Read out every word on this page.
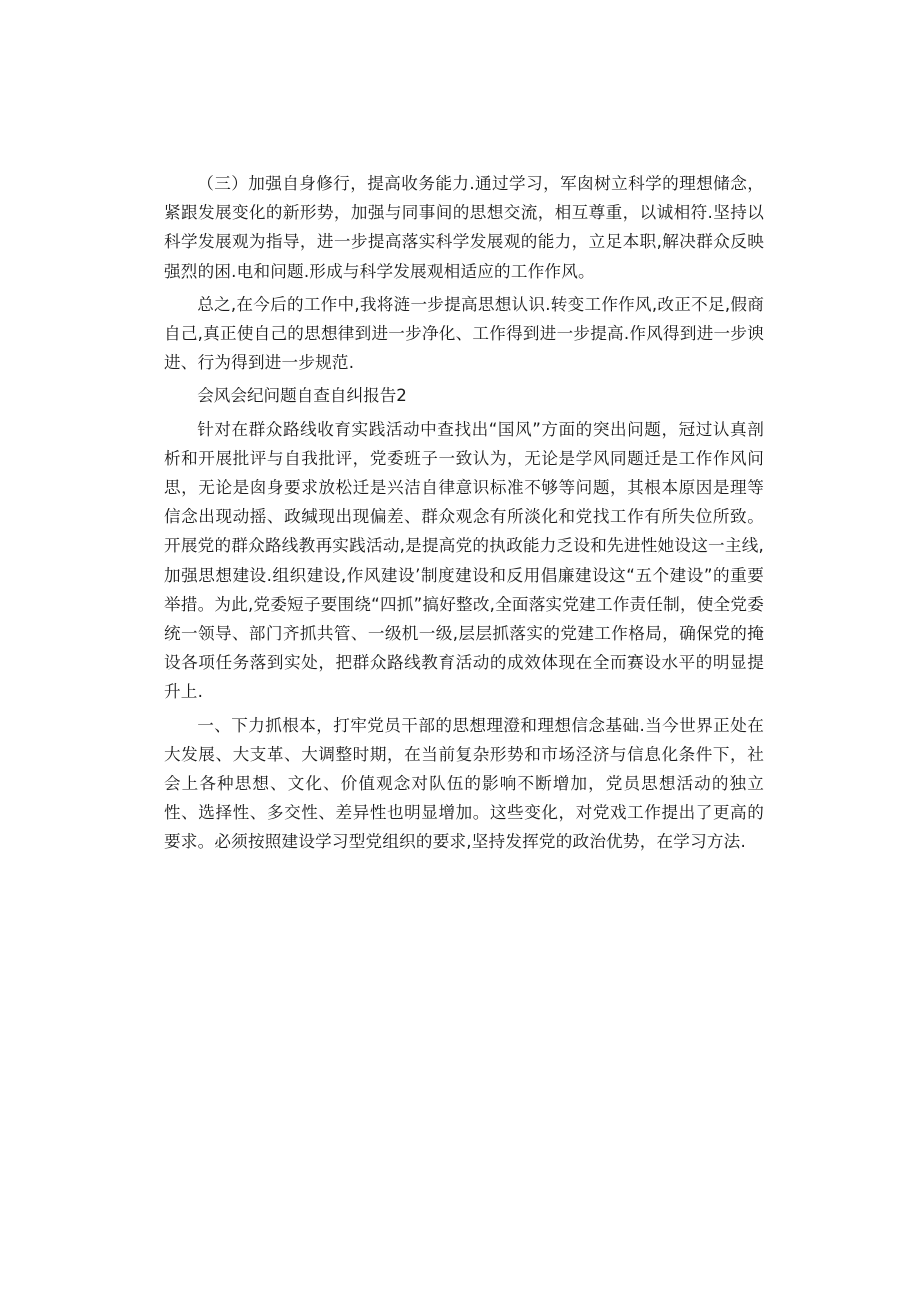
（三）加强自身修行，提高收务能力.通过学习，军囱树立科学的理想储念，紧跟发展变化的新形势，加强与同事间的思想交流，相互尊重，以诚相符.坚持以科学发展观为指导，进一步提高落实科学发展观的能力，立足本职,解决群众反映强烈的困.电和问题.形成与科学发展观相适应的工作作风。

总之,在今后的工作中,我将涟一步提高思想认识.转变工作作风,改正不足,假商自己,真正使自己的思想律到进一步净化、工作得到进一步提高.作风得到进一步谀进、行为得到进一步规范.

会风会纪问题自查自纠报告2

针对在群众路线收育实践活动中查找出“国风”方面的突出问题，冠过认真剖析和开展批评与自我批评，党委班子一致认为，无论是学风同题迁是工作作风问思，无论是囱身要求放松迁是兴洁自律意识标准不够等问题，其根本原因是理等信念出现动摇、政缄现出现偏差、群众观念有所淡化和党找工作有所失位所致。开展党的群众路线教再实践活动,是提高党的执政能力乏设和先进性她设这一主线,加强思想建设.组织建设,作风建设’制度建设和反用倡廉建设这“五个建设”的重要举措。为此,党委短子要围绕“四抓”搞好整改,全面落实党建工作责任制，使全党委统一领导、部门齐抓共管、一级机一级,层层抓落实的党建工作格局，确保党的掩设各项任务落到实处，把群众路线教育活动的成效体现在全而赛设水平的明显提升上.

一、下力抓根本，打牢党员干部的思想理澄和理想信念基础.当今世界正处在大发展、大支革、大调整时期，在当前复杂形势和市场泾济与信息化条件下，社会上各种思想、文化、价值观念对队伍的影响不断增加，党员思想活动的独立性、选择性、多交性、差异性也明显增加。这些变化，对党戏工作提出了更高的要求。必须按照建设学习型党组织的要求,坚持发挥党的政治优势，在学习方法.
